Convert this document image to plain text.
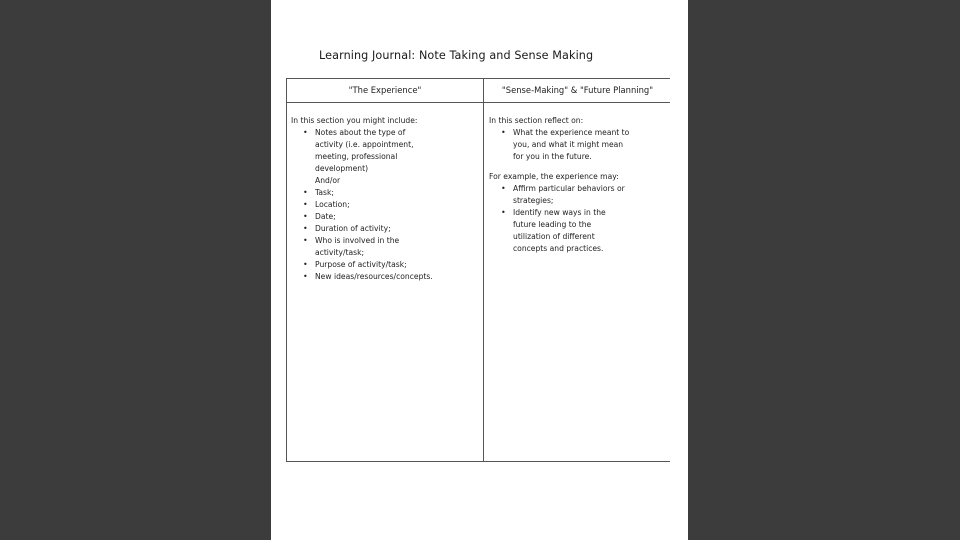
Learning Journal: Note Taking and Sense Making
"The Experience"	"Sense-Making" & "Future Planning"

In this section you might include:

• Notes about the type of
activity (i.e. appointment,
meeting, professional
development)

And/or

• Task;
• Location;
• Date;
• Duration of activity;
• Who is involved in the
activity/task;
• Purpose of activity/task;
• New ideas/resources/concepts.

In this section reflect on:

• What the experience meant to
you, and what it might mean
for you in the future.

For example, the experience may:

• Affirm particular behaviors or
strategies;
• Identify new ways in the
future leading to the
utilization of different
concepts and practices.
